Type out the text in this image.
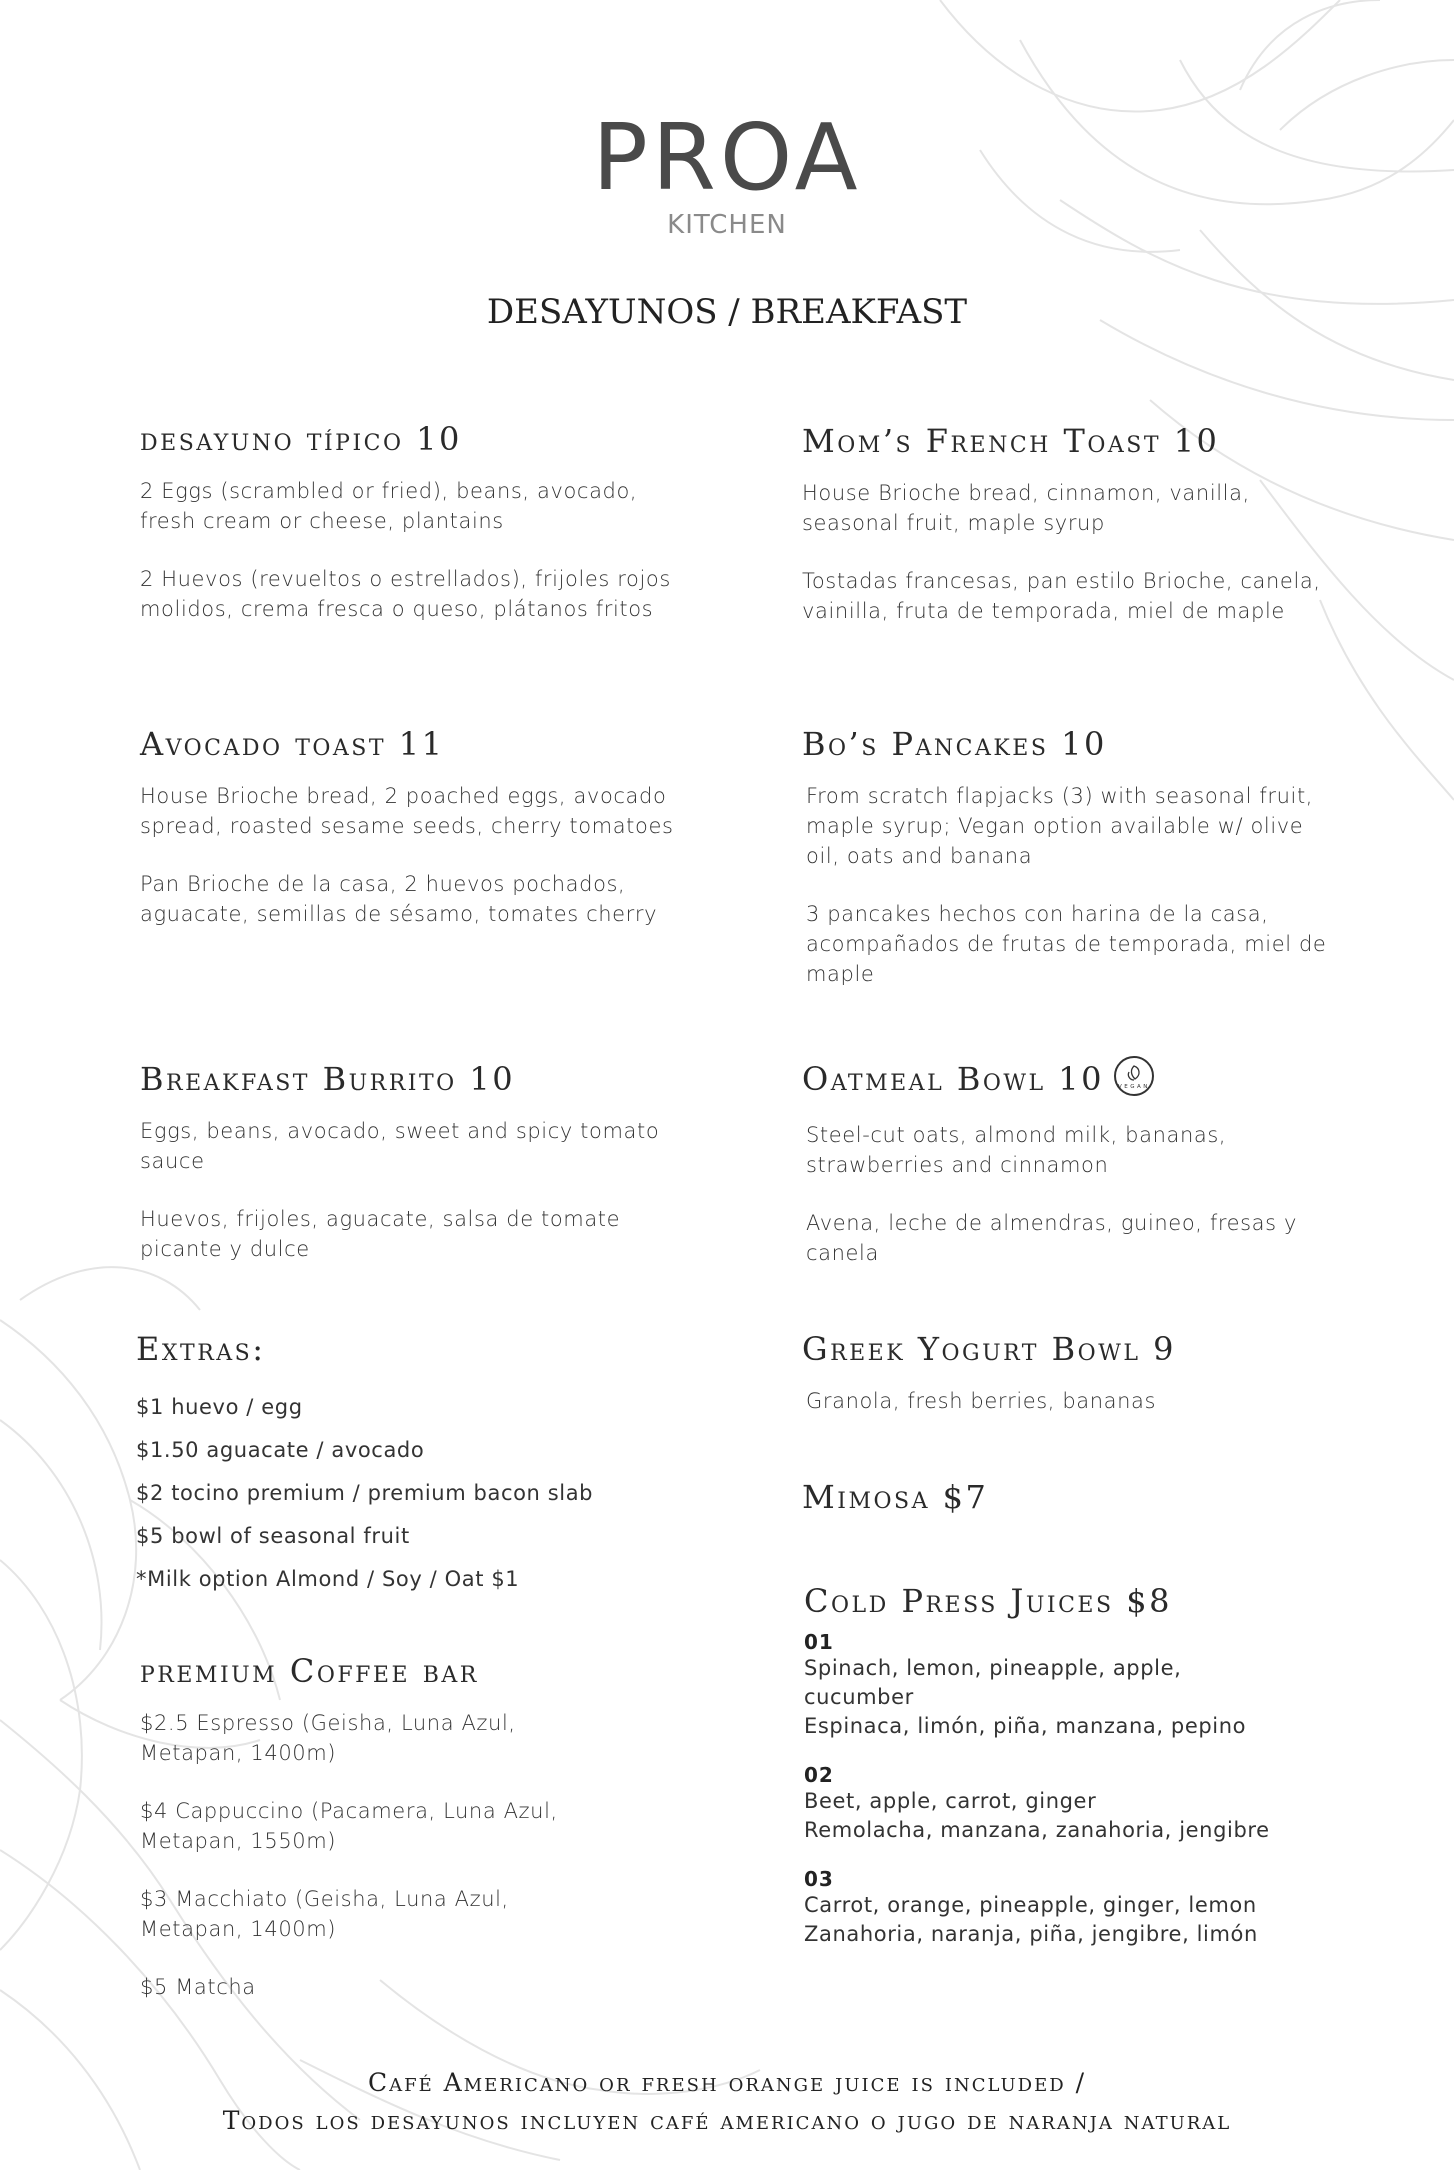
PROA
KITCHEN
DESAYUNOS / BREAKFAST
desayuno típico 10

2 Eggs (scrambled or fried), beans, avocado, fresh cream or cheese, plantains

2 Huevos (revueltos o estrellados), frijoles rojos molidos, crema fresca o queso, plátanos fritos

Avocado toast 11

House Brioche bread, 2 poached eggs, avocado spread, roasted sesame seeds, cherry tomatoes

Pan Brioche de la casa, 2 huevos pochados, aguacate, semillas de sésamo, tomates cherry

Breakfast Burrito 10

Eggs, beans, avocado, sweet and spicy tomato sauce

Huevos, frijoles, aguacate, salsa de tomate picante y dulce

Extras:
$1 huevo / egg
$1.50 aguacate / avocado
$2 tocino premium / premium bacon slab
$5 bowl of seasonal fruit
*Milk option Almond / Soy / Oat $1
premium Coffee bar

$2.5 Espresso (Geisha, Luna Azul, Metapan, 1400m)

$4 Cappuccino (Pacamera, Luna Azul, Metapan, 1550m)

$3 Macchiato (Geisha, Luna Azul, Metapan, 1400m)

$5 Matcha

Mom’s French Toast 10

House Brioche bread, cinnamon, vanilla, seasonal fruit, maple syrup

Tostadas francesas, pan estilo Brioche, canela, vainilla, fruta de temporada, miel de maple

Bo’s Pancakes 10

From scratch flapjacks (3) with seasonal fruit, maple syrup; Vegan option available w/ olive oil, oats and banana

3 pancakes hechos con harina de la casa, acompañados de frutas de temporada, miel de maple

Oatmeal Bowl 10	VEGAN

Steel-cut oats, almond milk, bananas, strawberries and cinnamon

Avena, leche de almendras, guineo, fresas y canela

Greek Yogurt Bowl 9

Granola, fresh berries, bananas

Mimosa $7
Cold Press Juices $8
01
Spinach, lemon, pineapple, apple, cucumber
Espinaca, limón, piña, manzana, pepino
02
Beet, apple, carrot, ginger
Remolacha, manzana, zanahoria, jengibre
03
Carrot, orange, pineapple, ginger, lemon
Zanahoria, naranja, piña, jengibre, limón
Café Americano or fresh orange juice is included /
Todos los desayunos incluyen café americano o jugo de naranja natural
